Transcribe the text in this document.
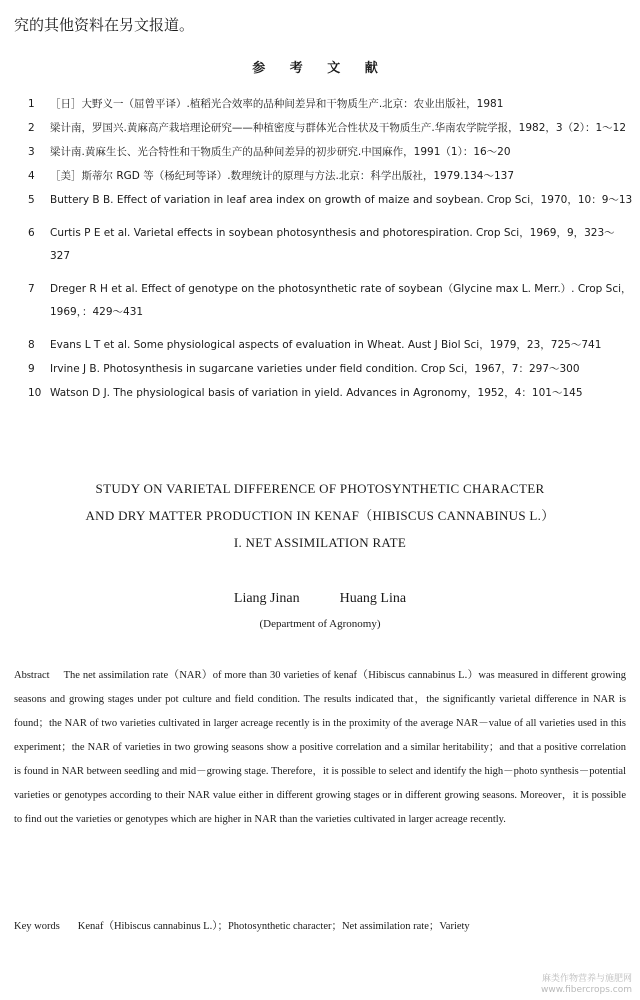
究的其他资料在另文报道。
参 考 文 献
1 ［日］大野义一（屈曾平译）.植稻光合效率的品种间差异和干物质生产.北京：农业出版社，1981
2 梁计南，罗国兴.黄麻高产栽培理论研究——种植密度与群体光合性状及干物质生产.华南农学院学报，1982，3（2）：1～12
3 梁计南.黄麻生长、光合特性和干物质生产的品种间差异的初步研究.中国麻作，1991（1）：16～20
4 ［美］斯蒂尔 RGD 等（杨纪珂等译）.数理统计的原理与方法.北京：科学出版社，1979.134～137
5 Buttery B B. Effect of variation in leaf area index on growth of maize and soybean. Crop Sci，1970，10：9～13
6 Curtis P E et al. Varietal effects in soybean photosynthesis and photorespiration. Crop Sci，1969，9，323～327
7 Dreger R H et al. Effect of genotype on the photosynthetic rate of soybean（Glycine max L. Merr.）. Crop Sci，1969，：429～431
8 Evans L T et al. Some physiological aspects of evaluation in Wheat. Aust J Biol Sci，1979，23，725～741
9 Irvine J B. Photosynthesis in sugarcane varieties under field condition. Crop Sci，1967，7：297～300
10 Watson D J. The physiological basis of variation in yield. Advances in Agronomy，1952，4：101～145
STUDY ON VARIETAL DIFFERENCE OF PHOTOSYNTHETIC CHARACTER
AND DRY MATTER PRODUCTION IN KENAF（HIBISCUS CANNABINUS L.）
I. NET ASSIMILATION RATE
Liang Jinan	Huang Lina
(Department of Agronomy)
Abstract The net assimilation rate（NAR）of more than 30 varieties of kenaf（Hibiscus cannabinus L.）was measured in different growing seasons and growing stages under pot culture and field condition. The results indicated that，the significantly varietal difference in NAR is found；the NAR of two varieties cultivated in larger acreage recently is in the proximity of the average NAR－value of all varieties used in this experiment；the NAR of varieties in two growing seasons show a positive correlation and a similar heritability；and that a positive correlation is found in NAR between seedling and mid－growing stage. Therefore，it is possible to select and identify the high－photo synthesis－potential varieties or genotypes according to their NAR value either in different growing stages or in different growing seasons. Moreover，it is possible to find out the varieties or genotypes which are higher in NAR than the varieties cultivated in larger acreage recently.
Key words Kenaf（Hibiscus cannabinus L.）；Photosynthetic character；Net assimilation rate；Variety
麻类作物营养与施肥网
www.fibercrops.com
